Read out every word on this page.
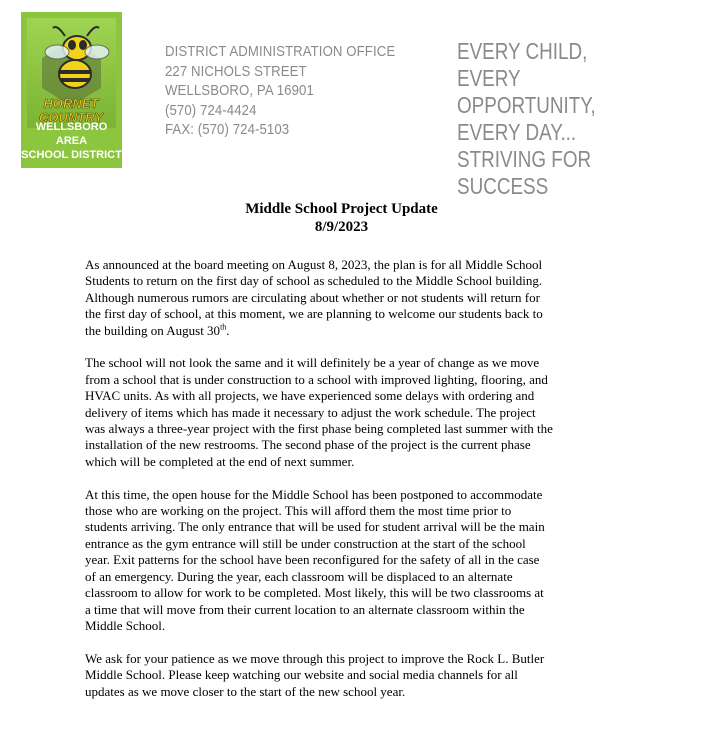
HORNET
COUNTRY
WELLSBORO AREA
SCHOOL DISTRICT
DISTRICT ADMINISTRATION OFFICE
227 NICHOLS STREET
WELLSBORO, PA 16901
(570) 724-4424
FAX: (570) 724-5103
EVERY CHILD,
EVERY OPPORTUNITY,
EVERY DAY...
STRIVING FOR SUCCESS
Middle School Project Update
8/9/2023

As announced at the board meeting on August 8, 2023, the plan is for all Middle School
Students to return on the first day of school as scheduled to the Middle School building.
Although numerous rumors are circulating about whether or not students will return for
the first day of school, at this moment, we are planning to welcome our students back to
the building on August 30th.

The school will not look the same and it will definitely be a year of change as we move
from a school that is under construction to a school with improved lighting, flooring, and
HVAC units. As with all projects, we have experienced some delays with ordering and
delivery of items which has made it necessary to adjust the work schedule. The project
was always a three-year project with the first phase being completed last summer with the
installation of the new restrooms. The second phase of the project is the current phase
which will be completed at the end of next summer.

At this time, the open house for the Middle School has been postponed to accommodate
those who are working on the project. This will afford them the most time prior to
students arriving. The only entrance that will be used for student arrival will be the main
entrance as the gym entrance will still be under construction at the start of the school
year. Exit patterns for the school have been reconfigured for the safety of all in the case
of an emergency. During the year, each classroom will be displaced to an alternate
classroom to allow for work to be completed. Most likely, this will be two classrooms at
a time that will move from their current location to an alternate classroom within the
Middle School.

We ask for your patience as we move through this project to improve the Rock L. Butler
Middle School. Please keep watching our website and social media channels for all
updates as we move closer to the start of the new school year.
